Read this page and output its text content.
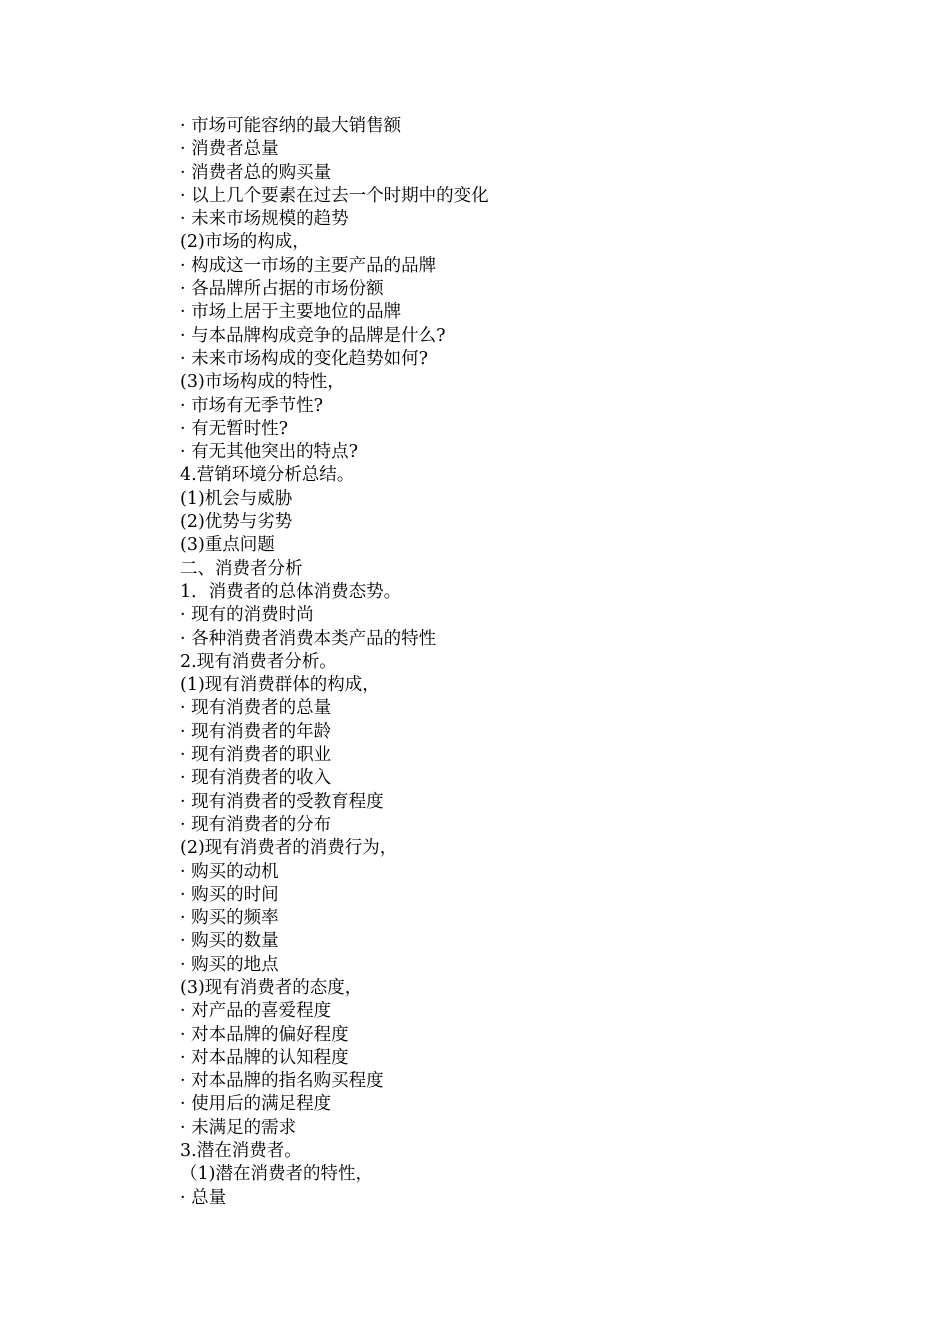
· 市场可能容纳的最大销售额
· 消费者总量
· 消费者总的购买量
· 以上几个要素在过去一个时期中的变化
· 未来市场规模的趋势
(2)市场的构成，
· 构成这一市场的主要产品的品牌
· 各品牌所占据的市场份额
· 市场上居于主要地位的品牌
· 与本品牌构成竞争的品牌是什么?
· 未来市场构成的变化趋势如何?
(3)市场构成的特性，
· 市场有无季节性?
· 有无暂时性?
· 有无其他突出的特点?
4.营销环境分析总结。
(1)机会与威胁
(2)优势与劣势
(3)重点问题
二、消费者分析
1．消费者的总体消费态势。
· 现有的消费时尚
· 各种消费者消费本类产品的特性
2.现有消费者分析。
(1)现有消费群体的构成，
· 现有消费者的总量
· 现有消费者的年龄
· 现有消费者的职业
· 现有消费者的收入
· 现有消费者的受教育程度
· 现有消费者的分布
(2)现有消费者的消费行为，
· 购买的动机
· 购买的时间
· 购买的频率
· 购买的数量
· 购买的地点
(3)现有消费者的态度，
· 对产品的喜爱程度
· 对本品牌的偏好程度
· 对本品牌的认知程度
· 对本品牌的指名购买程度
· 使用后的满足程度
· 未满足的需求
3.潜在消费者。
（1)潜在消费者的特性，
· 总量
